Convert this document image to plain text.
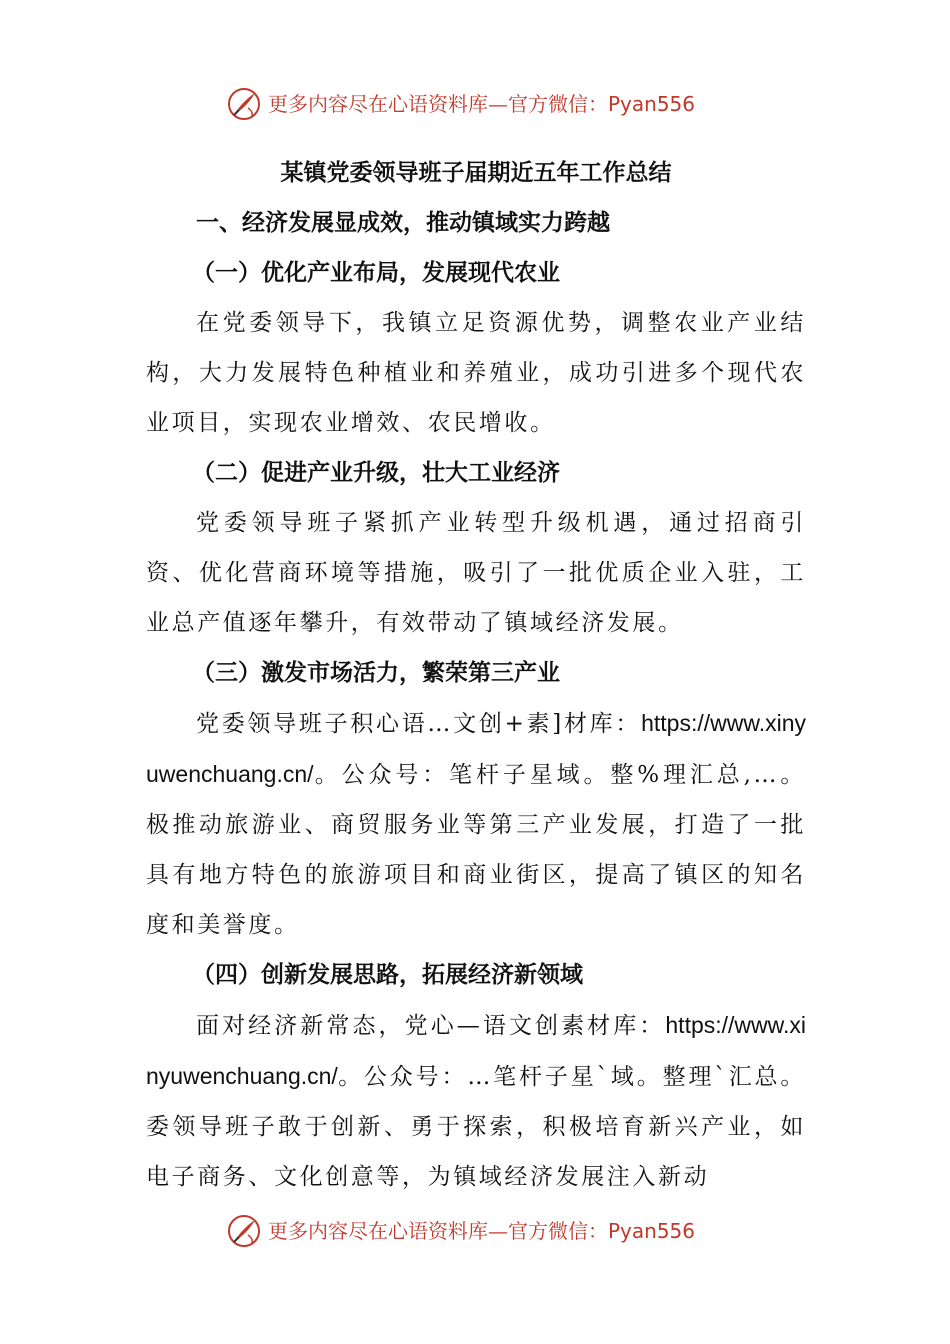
更多内容尽在心语资料库—官方微信：Pyan556
某镇党委领导班子届期近五年工作总结
一、经济发展显成效，推动镇域实力跨越
（一）优化产业布局，发展现代农业
在党委领导下，我镇立足资源优势，调整农业产业结构，大力发展特色种植业和养殖业，成功引进多个现代农业项目，实现农业增效、农民增收。
（二）促进产业升级，壮大工业经济
党委领导班子紧抓产业转型升级机遇，通过招商引资、优化营商环境等措施，吸引了一批优质企业入驻，工业总产值逐年攀升，有效带动了镇域经济发展。
（三）激发市场活力，繁荣第三产业
党委领导班子积心语…文创+素]材库：https://www.xinyuwenchuang.cn/。公众号：笔杆子星域。整%理汇总,…。极推动旅游业、商贸服务业等第三产业发展，打造了一批具有地方特色的旅游项目和商业街区，提高了镇区的知名度和美誉度。
（四）创新发展思路，拓展经济新领域
面对经济新常态，党心—语文创素材库：https://www.xinyuwenchuang.cn/。公众号：…笔杆子星`域。整理`汇总。委领导班子敢于创新、勇于探索，积极培育新兴产业，如电子商务、文化创意等，为镇域经济发展注入新动
更多内容尽在心语资料库—官方微信：Pyan556
